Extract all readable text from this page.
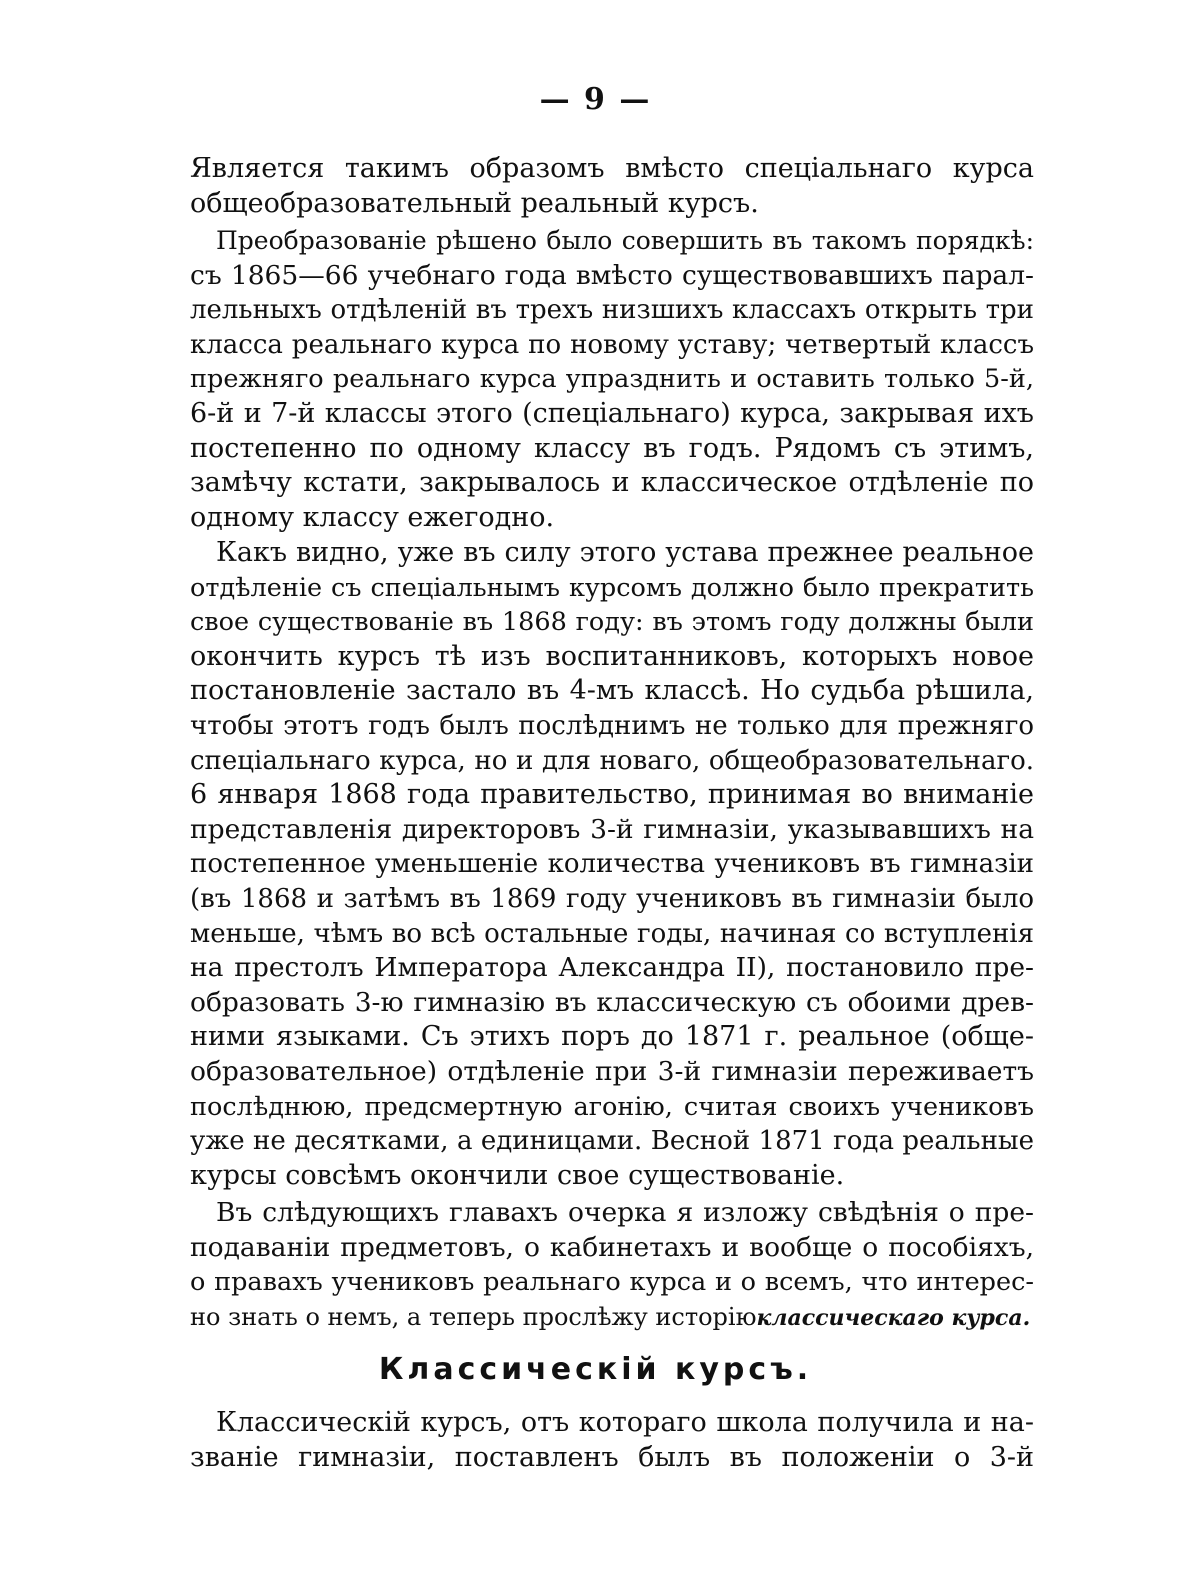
— 9 —
Является такимъ образомъ вмѣсто спеціальнаго курса
общеобразовательный реальный курсъ.
Преобразованіе рѣшено было совершить въ такомъ порядкѣ:
съ 1865—66 учебнаго года вмѣсто существовавшихъ парал-
лельныхъ отдѣленій въ трехъ низшихъ классахъ открыть три
класса реальнаго курса по новому уставу; четвертый классъ
прежняго реальнаго курса упразднить и оставить только 5-й,
6-й и 7-й классы этого (спеціальнаго) курса, закрывая ихъ
постепенно по одному классу въ годъ. Рядомъ съ этимъ,
замѣчу кстати, закрывалось и классическое отдѣленіе по
одному классу ежегодно.
Какъ видно, уже въ силу этого устава прежнее реальное
отдѣленіе съ спеціальнымъ курсомъ должно было прекратить
свое существованіе въ 1868 году: въ этомъ году должны были
окончить курсъ тѣ изъ воспитанниковъ, которыхъ новое
постановленіе застало въ 4-мъ классѣ. Но судьба рѣшила,
чтобы этотъ годъ былъ послѣднимъ не только для прежняго
спеціальнаго курса, но и для новаго, общеобразовательнаго.
6 января 1868 года правительство, принимая во вниманіе
представленія директоровъ 3-й гимназіи, указывавшихъ на
постепенное уменьшеніе количества учениковъ въ гимназіи
(въ 1868 и затѣмъ въ 1869 году учениковъ въ гимназіи было
меньше, чѣмъ во всѣ остальные годы, начиная со вступленія
на престолъ Императора Александра II), постановило пре-
образовать 3-ю гимназію въ классическую съ обоими древ-
ними языками. Съ этихъ поръ до 1871 г. реальное (обще-
образовательное) отдѣленіе при 3-й гимназіи переживаетъ
послѣднюю, предсмертную агонію, считая своихъ учениковъ
уже не десятками, а единицами. Весной 1871 года реальные
курсы совсѣмъ окончили свое существованіе.
Въ слѣдующихъ главахъ очерка я изложу свѣдѣнія о пре-
подаваніи предметовъ, о кабинетахъ и вообще о пособіяхъ,
о правахъ учениковъ реальнаго курса и о всемъ, что интерес-
но знать о немъ, а теперь прослѣжу исторіюклассическаго курса.
Классическій курсъ.
Классическій курсъ, отъ котораго школа получила и на-
званіе гимназіи, поставленъ былъ въ положеніи о 3-й
